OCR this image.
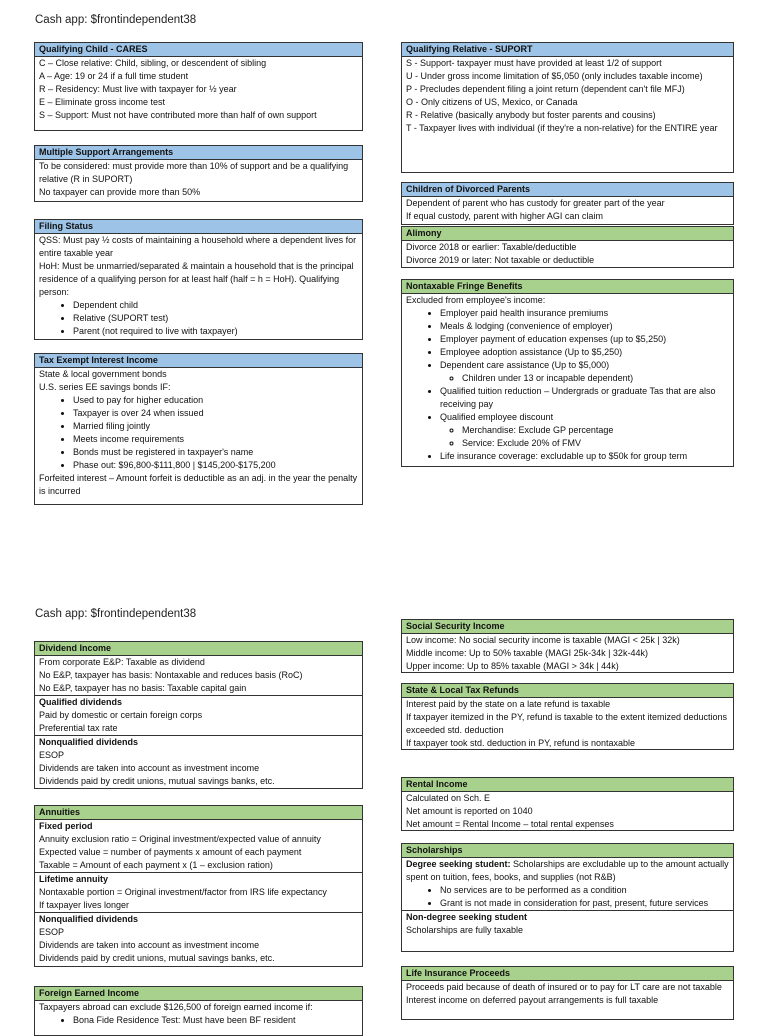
Cash app: $frontindependent38
Qualifying Child - CARES
C – Close relative: Child, sibling, or descendent of sibling
A – Age: 19 or 24 if a full time student
R – Residency: Must live with taxpayer for ½ year
E – Eliminate gross income test
S – Support: Must not have contributed more than half of own support
Multiple Support Arrangements
To be considered: must provide more than 10% of support and be a qualifying relative (R in SUPORT)
No taxpayer can provide more than 50%
Filing Status
QSS: Must pay ½ costs of maintaining a household where a dependent lives for entire taxable year
HoH: Must be unmarried/separated & maintain a household that is the principal residence of a qualifying person for at least half (half = h = HoH). Qualifying person:
• Dependent child
• Relative (SUPORT test)
• Parent (not required to live with taxpayer)
Tax Exempt Interest Income
State & local government bonds
U.S. series EE savings bonds IF:
• Used to pay for higher education
• Taxpayer is over 24 when issued
• Married filing jointly
• Meets income requirements
• Bonds must be registered in taxpayer's name
• Phase out: $96,800-$111,800 | $145,200-$175,200
Forfeited interest – Amount forfeit is deductible as an adj. in the year the penalty is incurred
Qualifying Relative - SUPORT
S - Support- taxpayer must have provided at least 1/2 of support
U - Under gross income limitation of $5,050 (only includes taxable income)
P - Precludes dependent filing a joint return (dependent can't file MFJ)
O - Only citizens of US, Mexico, or Canada
R - Relative (basically anybody but foster parents and cousins)
T - Taxpayer lives with individual (if they're a non-relative) for the ENTIRE year
Children of Divorced Parents
Dependent of parent who has custody for greater part of the year
If equal custody, parent with higher AGI can claim
Alimony
Divorce 2018 or earlier: Taxable/deductible
Divorce 2019 or later: Not taxable or deductible
Nontaxable Fringe Benefits
Excluded from employee's income:
• Employer paid health insurance premiums
• Meals & lodging (convenience of employer)
• Employer payment of education expenses (up to $5,250)
• Employee adoption assistance (Up to $5,250)
• Dependent care assistance (Up to $5,000)
◦ Children under 13 or incapable dependent)
• Qualified tuition reduction – Undergrads or graduate Tas that are also receiving pay
• Qualified employee discount
◦ Merchandise: Exclude GP percentage
◦ Service: Exclude 20% of FMV
• Life insurance coverage: excludable up to $50k for group term
Cash app: $frontindependent38
Dividend Income
From corporate E&P: Taxable as dividend
No E&P, taxpayer has basis: Nontaxable and reduces basis (RoC)
No E&P, taxpayer has no basis: Taxable capital gain
Qualified dividends
Paid by domestic or certain foreign corps
Preferential tax rate
Nonqualified dividends
ESOP
Dividends are taken into account as investment income
Dividends paid by credit unions, mutual savings banks, etc.
Annuities
Fixed period
Annuity exclusion ratio = Original investment/expected value of annuity
Expected value = number of payments x amount of each payment
Taxable = Amount of each payment x (1 – exclusion ration)
Lifetime annuity
Nontaxable portion = Original investment/factor from IRS life expectancy
If taxpayer lives longer
Nonqualified dividends
ESOP
Dividends are taken into account as investment income
Dividends paid by credit unions, mutual savings banks, etc.
Foreign Earned Income
Taxpayers abroad can exclude $126,500 of foreign earned income if:
• Bona Fide Residence Test: Must have been BF resident
Social Security Income
Low income: No social security income is taxable (MAGI < 25k | 32k)
Middle income: Up to 50% taxable (MAGI 25k-34k | 32k-44k)
Upper income: Up to 85% taxable (MAGI > 34k | 44k)
State & Local Tax Refunds
Interest paid by the state on a late refund is taxable
If taxpayer itemized in the PY, refund is taxable to the extent itemized deductions exceeded std. deduction
If taxpayer took std. deduction in PY, refund is nontaxable
Rental Income
Calculated on Sch. E
Net amount is reported on 1040
Net amount = Rental Income – total rental expenses
Scholarships
Degree seeking student: Scholarships are excludable up to the amount actually spent on tuition, fees, books, and supplies (not R&B)
• No services are to be performed as a condition
• Grant is not made in consideration for past, present, future services
Non-degree seeking student
Scholarships are fully taxable
Life Insurance Proceeds
Proceeds paid because of death of insured or to pay for LT care are not taxable
Interest income on deferred payout arrangements is full taxable
